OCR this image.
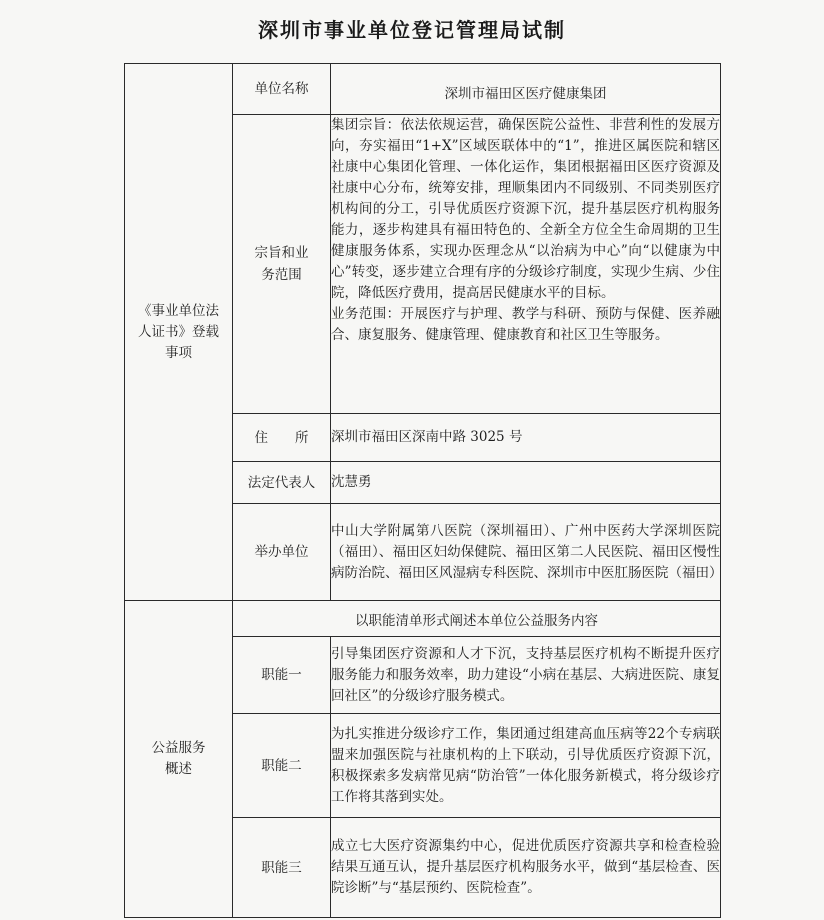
深圳市事业单位登记管理局试制
《事业单位法人证书》登载事项	单位名称	深圳市福田区医疗健康集团

	宗旨和业务范围	集团宗旨：依法依规运营，确保医院公益性、非营利性的发展方向，夯实福田“1+X”区域医联体中的“1”，推进区属医院和辖区社康中心集团化管理、一体化运作，集团根据福田区医疗资源及社康中心分布，统筹安排，理顺集团内不同级别、不同类别医疗机构间的分工，引导优质医疗资源下沉，提升基层医疗机构服务能力，逐步构建具有福田特色的、全新全方位全生命周期的卫生健康服务体系，实现办医理念从“以治病为中心”向“以健康为中心”转变，逐步建立合理有序的分级诊疗制度，实现少生病、少住院，降低医疗费用，提高居民健康水平的目标。
业务范围：开展医疗与护理、教学与科研、预防与保健、医养融合、康复服务、健康管理、健康教育和社区卫生等服务。

	住　　所	深圳市福田区深南中路 3025 号
	法定代表人	沈慧勇
	举办单位	中山大学附属第八医院（深圳福田）、广州中医药大学深圳医院（福田）、福田区妇幼保健院、福田区第二人民医院、福田区慢性病防治院、福田区风湿病专科医院、深圳市中医肛肠医院（福田）

公益服务概述	以职能清单形式阐述本单位公益服务内容	
	职能一	引导集团医疗资源和人才下沉，支持基层医疗机构不断提升医疗服务能力和服务效率，助力建设“小病在基层、大病进医院、康复回社区”的分级诊疗服务模式。
	职能二	为扎实推进分级诊疗工作，集团通过组建高血压病等22个专病联盟来加强医院与社康机构的上下联动，引导优质医疗资源下沉，积极探索多发病常见病“防治管”一体化服务新模式，将分级诊疗工作将其落到实处。
	职能三	成立七大医疗资源集约中心，促进优质医疗资源共享和检查检验结果互通互认，提升基层医疗机构服务水平，做到“基层检查、医院诊断”与“基层预约、医院检查”。
